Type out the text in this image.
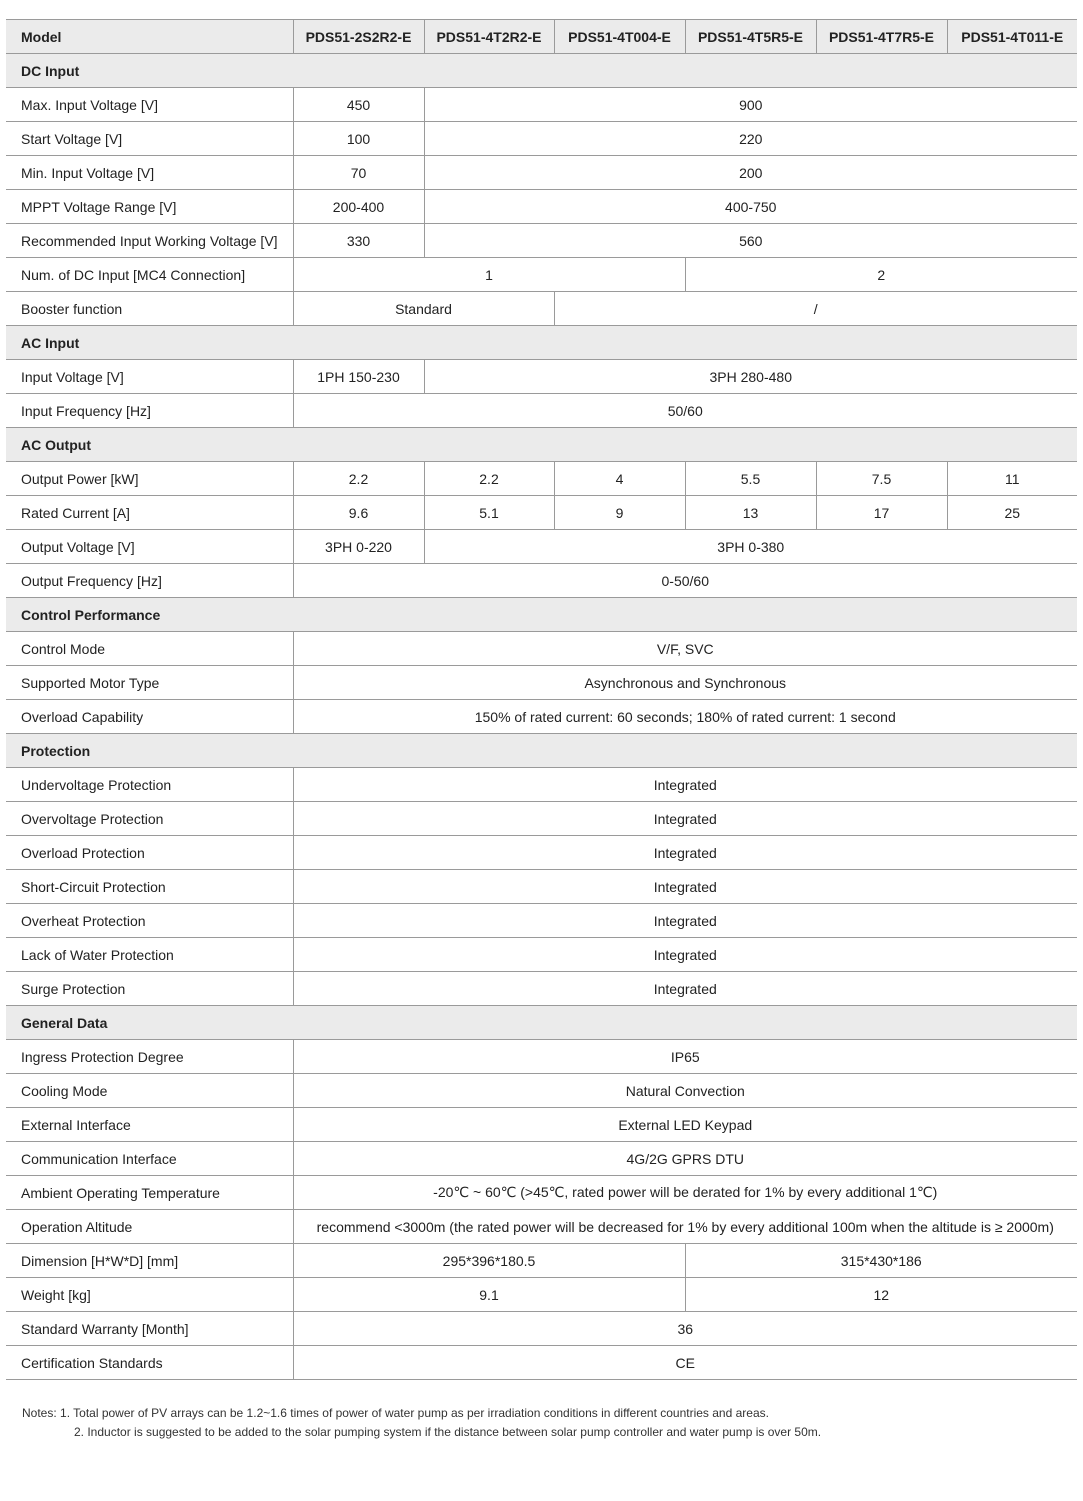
Model	PDS51-2S2R2-E	PDS51-4T2R2-E	PDS51-4T004-E	PDS51-4T5R5-E	PDS51-4T7R5-E	PDS51-4T011-E
DC Input						
Max. Input Voltage [V]	450	900				
Start Voltage [V]	100	220				
Min. Input Voltage [V]	70	200				
MPPT Voltage Range [V]	200-400	400-750				
Recommended Input Working Voltage [V]	330	560				
Num. of DC Input [MC4 Connection]	1			2		
Booster function	Standard		/			
AC Input						
Input Voltage [V]	1PH 150-230	3PH 280-480				
Input Frequency [Hz]	50/60					
AC Output						
Output Power [kW]	2.2	2.2	4	5.5	7.5	11
Rated Current [A]	9.6	5.1	9	13	17	25
Output Voltage [V]	3PH 0-220	3PH 0-380				
Output Frequency [Hz]	0-50/60					
Control Performance						
Control Mode	V/F, SVC					
Supported Motor Type	Asynchronous and Synchronous					
Overload Capability	150% of rated current: 60 seconds; 180% of rated current: 1 second					
Protection						
Undervoltage Protection	Integrated					
Overvoltage Protection	Integrated					
Overload Protection	Integrated					
Short-Circuit Protection	Integrated					
Overheat Protection	Integrated					
Lack of Water Protection	Integrated					
Surge Protection	Integrated					
General Data						
Ingress Protection Degree	IP65					
Cooling Mode	Natural Convection					
External Interface	External LED Keypad					
Communication Interface	4G/2G GPRS DTU					
Ambient Operating Temperature	-20℃ ~ 60℃ (>45℃, rated power will be derated for 1% by every additional 1℃)					
Operation Altitude	recommend <3000m (the rated power will be decreased for 1% by every additional 100m when the altitude is ≥ 2000m)					
Dimension [H*W*D] [mm]	295*396*180.5			315*430*186		
Weight [kg]	9.1			12		
Standard Warranty [Month]	36					
Certification Standards	CE					
Notes: 1. Total power of PV arrays can be 1.2~1.6 times of power of water pump as per irradiation conditions in different countries and areas.
2. Inductor is suggested to be added to the solar pumping system if the distance between solar pump controller and water pump is over 50m.
